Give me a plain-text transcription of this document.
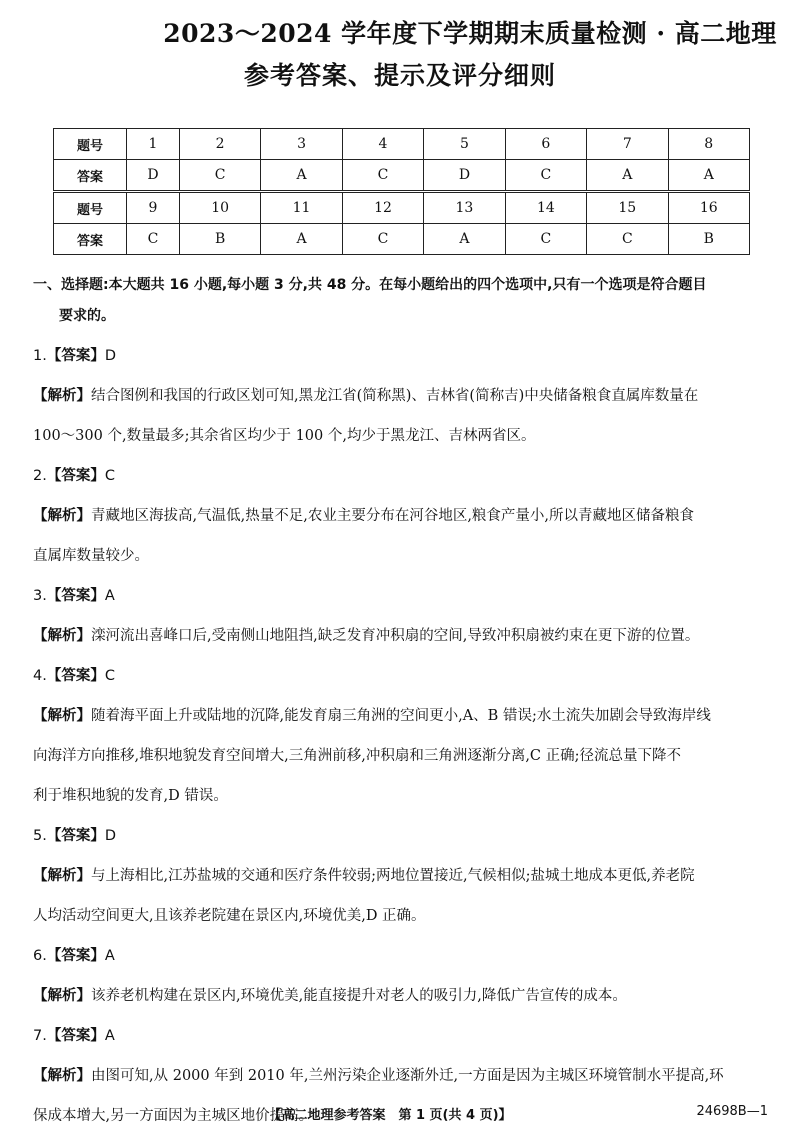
2023～2024 学年度下学期期末质量检测 · 高二地理
参考答案、提示及评分细则
题号	1	2	3	4	5	6	7	8
答案	D	C	A	C	D	C	A	A
题号	9	10	11	12	13	14	15	16
答案	C	B	A	C	A	C	C	B
一、选择题:本大题共 16 小题,每小题 3 分,共 48 分。在每小题给出的四个选项中,只有一个选项是符合题目
要求的。
1.【答案】D
【解析】结合图例和我国的行政区划可知,黑龙江省(简称黑)、吉林省(简称吉)中央储备粮食直属库数量在
100～300 个,数量最多;其余省区均少于 100 个,均少于黑龙江、吉林两省区。
2.【答案】C
【解析】青藏地区海拔高,气温低,热量不足,农业主要分布在河谷地区,粮食产量小,所以青藏地区储备粮食
直属库数量较少。
3.【答案】A
【解析】滦河流出喜峰口后,受南侧山地阻挡,缺乏发育冲积扇的空间,导致冲积扇被约束在更下游的位置。
4.【答案】C
【解析】随着海平面上升或陆地的沉降,能发育扇三角洲的空间更小,A、B 错误;水土流失加剧会导致海岸线
向海洋方向推移,堆积地貌发育空间增大,三角洲前移,冲积扇和三角洲逐渐分离,C 正确;径流总量下降不
利于堆积地貌的发育,D 错误。
5.【答案】D
【解析】与上海相比,江苏盐城的交通和医疗条件较弱;两地位置接近,气候相似;盐城土地成本更低,养老院
人均活动空间更大,且该养老院建在景区内,环境优美,D 正确。
6.【答案】A
【解析】该养老机构建在景区内,环境优美,能直接提升对老人的吸引力,降低广告宣传的成本。
7.【答案】A
【解析】由图可知,从 2000 年到 2010 年,兰州污染企业逐渐外迁,一方面是因为主城区环境管制水平提高,环
保成本增大,另一方面因为主城区地价提高。
【高二地理参考答案　第 1 页(共 4 页)】	24698B—1
